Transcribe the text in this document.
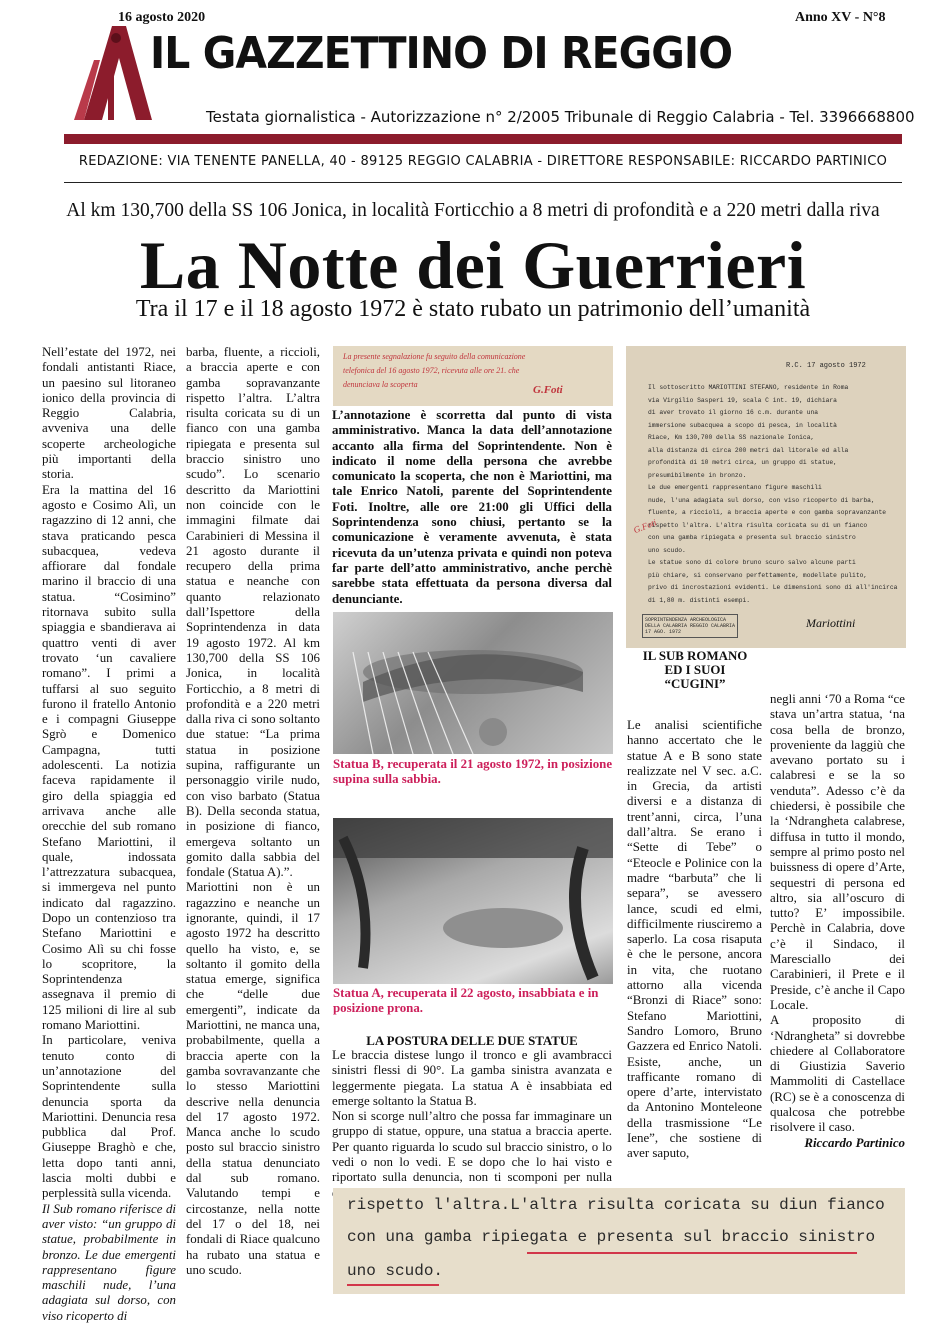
16 agosto 2020	Anno XV - N°8
IL GAZZETTINO DI REGGIO
Testata giornalistica - Autorizzazione n° 2/2005 Tribunale di Reggio Calabria - Tel. 3396668800
REDAZIONE: VIA TENENTE PANELLA, 40 - 89125 REGGIO CALABRIA - DIRETTORE RESPONSABILE: RICCARDO PARTINICO
Al km 130,700 della SS 106 Jonica, in località Forticchio a 8 metri di profondità e a 220 metri dalla riva
La Notte dei Guerrieri
Tra il 17 e il 18 agosto 1972 è stato rubato un patrimonio dell’umanità

Nell’estate del 1972, nei fondali antistanti Riace, un paesino sul litoraneo ionico della provincia di Reggio Calabria, avveniva una delle scoperte archeologiche più importanti della storia.

Era la mattina del 16 agosto e Cosimo Alì, un ragazzino di 12 anni, che stava praticando pesca subacquea, vedeva affiorare dal fondale marino il braccio di una statua. “Cosimino” ritornava subito sulla spiaggia e sbandierava ai quattro venti di aver trovato ‘un cavaliere romano”. I primi a tuffarsi al suo seguito furono il fratello Antonio e i compagni Giuseppe Sgrò e Domenico Campagna, tutti adolescenti. La notizia faceva rapidamente il giro della spiaggia ed arrivava anche alle orecchie del sub romano Stefano Mariottini, il quale, indossata l’attrezzatura subacquea, si immergeva nel punto indicato dal ragazzino. Dopo un contenzioso tra Stefano Mariottini e Cosimo Alì su chi fosse lo scopritore, la Soprintendenza assegnava il premio di 125 milioni di lire al sub romano Mariottini.

In particolare, veniva tenuto conto di un’annotazione del Soprintendente sulla denuncia sporta da Mariottini. Denuncia resa pubblica dal Prof. Giuseppe Braghò e che, letta dopo tanti anni, lascia molti dubbi e perplessità sulla vicenda.

Il Sub romano riferisce di aver visto: “un gruppo di statue, probabilmente in bronzo. Le due emergenti rappresentano figure maschili nude, l’una adagiata sul dorso, con viso ricoperto di

barba, fluente, a riccioli, a braccia aperte e con gamba sopravanzante rispetto l’altra. L’altra risulta coricata su di un fianco con una gamba ripiegata e presenta sul braccio sinistro uno scudo”. Lo scenario descritto da Mariottini non coincide con le immagini filmate dai Carabinieri di Messina il 21 agosto durante il recupero della prima statua e neanche con quanto relazionato dall’Ispettore della Soprintendenza in data 19 agosto 1972. Al km 130,700 della SS 106 Jonica, in località Forticchio, a 8 metri di profondità e a 220 metri dalla riva ci sono soltanto due statue: “La prima statua in posizione supina, raffigurante un personaggio virile nudo, con viso barbato (Statua B). Della seconda statua, in posizione di fianco, emergeva soltanto un gomito dalla sabbia del fondale (Statua A).”.

Mariottini non è un ragazzino e neanche un ignorante, quindi, il 17 agosto 1972 ha descritto quello ha visto, e, se soltanto il gomito della statua emerge, significa che “delle due emergenti”, indicate da Mariottini, ne manca una, probabilmente, quella a braccia aperte con la gamba sovravanzante che lo stesso Mariottini descrive nella denuncia del 17 agosto 1972. Manca anche lo scudo posto sul braccio sinistro della statua denunciato dal sub romano. Valutando tempi e circostanze, nella notte del 17 o del 18, nei fondali di Riace qualcuno ha rubato una statua e uno scudo.

La presente segnalazione fu seguito della comunicazione
telefonica del 16 agosto 1972, ricevuta alle ore 21. che
denunciava la scoperta	G.Foti
L’annotazione è scorretta dal punto di vista amministrativo. Manca la data dell’annotazione accanto alla firma del Soprintendente. Non è indicato il nome della persona che avrebbe comunicato la scoperta, che non è Mariottini, ma tale Enrico Natoli, parente del Soprintendente Foti. Inoltre, alle ore 21:00 gli Uffici della Soprintendenza sono chiusi, pertanto se la comunicazione è veramente avvenuta, è stata ricevuta da un’utenza privata e quindi non poteva far parte dell’atto amministrativo, anche perchè sarebbe stata effettuata da persona diversa dal denunciante.
Statua B, recuperata il 21 agosto 1972, in posizione supina sulla sabbia.
Statua A, recuperata il 22 agosto, insabbiata e in posizione prona.
LA POSTURA DELLE DUE STATUE

Le braccia distese lungo il tronco e gli avambracci sinistri flessi di 90°. La gamba sinistra avanzata e leggermente piegata. La statua A è insabbiata ed emerge soltanto la Statua B.

Non si scorge null’altro che possa far immaginare un gruppo di statue, oppure, una statua a braccia aperte. Per quanto riguarda lo scudo sul braccio sinistro, o lo vedi o non lo vedi. E se dopo che lo hai visto e riportato sulla denuncia, non ti scomponi per nulla

R.C. 17 agosto 1972
Il sottoscritto MARIOTTINI STEFANO, residente in Roma
via Virgilio Sasperi 19, scala C int. 19, dichiara
di aver trovato il giorno 16 c.m. durante una
immersione subacquea a scopo di pesca, in località
Riace, Km 130,700 della SS nazionale Ionica,
alla distanza di circa 200 metri dal litorale ed alla
profondità di 10 metri circa, un gruppo di statue,
presumibilmente in bronzo.
Le due emergenti rappresentano figure maschili
nude, l'una adagiata sul dorso, con viso ricoperto di barba,
fluente, a riccioli, a braccia aperte e con gamba sopravanzante
rispetto l'altra. L'altra risulta coricata su di un fianco
con una gamba ripiegata e presenta sul braccio sinistro
uno scudo.
Le statue sono di colore bruno scuro salvo alcune parti
più chiare, si conservano perfettamente, modellate pulito,
privo di incrostazioni evidenti. Le dimensioni sono di all'incirca
di 1,80 m. distinti esempi.
SOPRINTENDENZA ARCHEOLOGICA DELLA CALABRIA REGGIO CALABRIA 17 AGO. 1972
Mariottini
G.Foti
IL SUB ROMANO ED I SUOI “CUGINI”

Le analisi scientifiche hanno accertato che le statue A e B sono state realizzate nel V sec. a.C. in Grecia, da artisti diversi e a distanza di trent’anni, circa, l’una dall’altra. Se erano i “Sette di Tebe” o “Eteocle e Polinice con la madre “barbuta” che li separa”, se avessero lance, scudi ed elmi, difficilmente riusciremo a saperlo. La cosa risaputa è che le persone, ancora in vita, che ruotano attorno alla vicenda “Bronzi di Riace” sono: Stefano Mariottini, Sandro Lomoro, Bruno Gazzera ed Enrico Natoli. Esiste, anche, un trafficante romano di opere d’arte, intervistato da Antonino Monteleone della trasmissione “Le Iene”, che sostiene di aver saputo,

negli anni ‘70 a Roma “ce stava un’artra statua, ‘na cosa bella de bronzo, proveniente da laggiù che avevano portato su i calabresi e se la so venduta”. Adesso c’è da chiedersi, è possibile che la ‘Ndrangheta calabrese, diffusa in tutto il mondo, sempre al primo posto nel buissness di opere d’Arte, sequestri di persona ed altro, sia all’oscuro di tutto? E’ impossibile. Perchè in Calabria, dove c’è il Sindaco, il Maresciallo dei Carabinieri, il Prete e il Preside, c’è anche il Capo Locale.

A proposito di ‘Ndrangheta” si dovrebbe chiedere al Collaboratore di Giustizia Saverio Mammoliti di Castellace (RC) se è a conoscenza di qualcosa che potrebbe risolvere il caso.

Riccardo Partinico

rispetto l'altra.L'altra risulta coricata su diun fianco
con una gamba ripiegata e presenta sul braccio sinistro
uno scudo.
